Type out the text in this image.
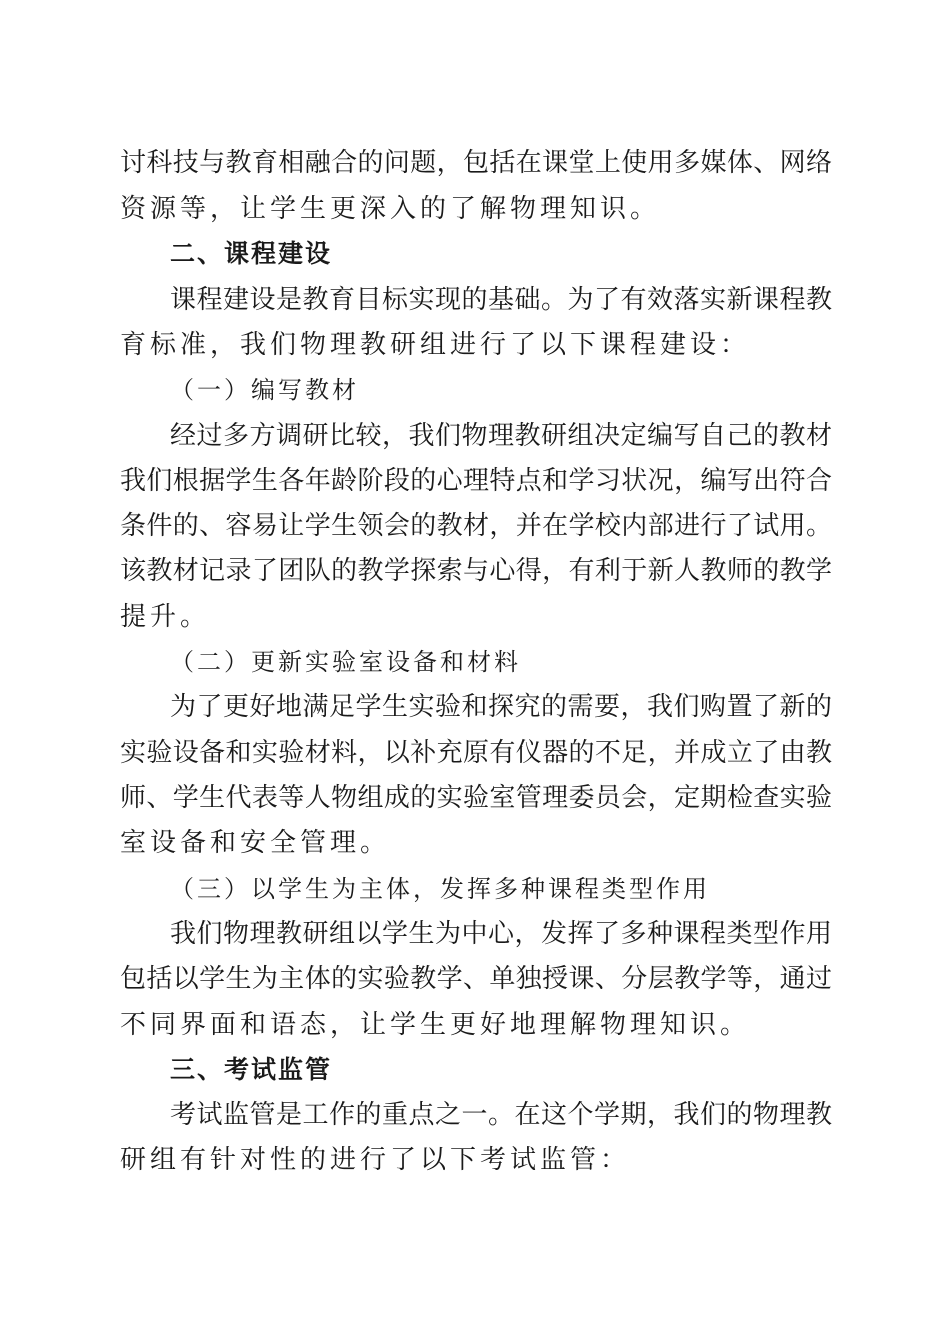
讨科技与教育相融合的问题，包括在课堂上使用多媒体、网络
资源等，让学生更深入的了解物理知识。
二、课程建设
课程建设是教育目标实现的基础。为了有效落实新课程教
育标准，我们物理教研组进行了以下课程建设：
（一）编写教材
经过多方调研比较，我们物理教研组决定编写自己的教材
我们根据学生各年龄阶段的心理特点和学习状况，编写出符合
条件的、容易让学生领会的教材，并在学校内部进行了试用。
该教材记录了团队的教学探索与心得，有利于新人教师的教学
提升。
（二）更新实验室设备和材料
为了更好地满足学生实验和探究的需要，我们购置了新的
实验设备和实验材料，以补充原有仪器的不足，并成立了由教
师、学生代表等人物组成的实验室管理委员会，定期检查实验
室设备和安全管理。
（三）以学生为主体，发挥多种课程类型作用
我们物理教研组以学生为中心，发挥了多种课程类型作用
包括以学生为主体的实验教学、单独授课、分层教学等，通过
不同界面和语态，让学生更好地理解物理知识。
三、考试监管
考试监管是工作的重点之一。在这个学期，我们的物理教
研组有针对性的进行了以下考试监管：
